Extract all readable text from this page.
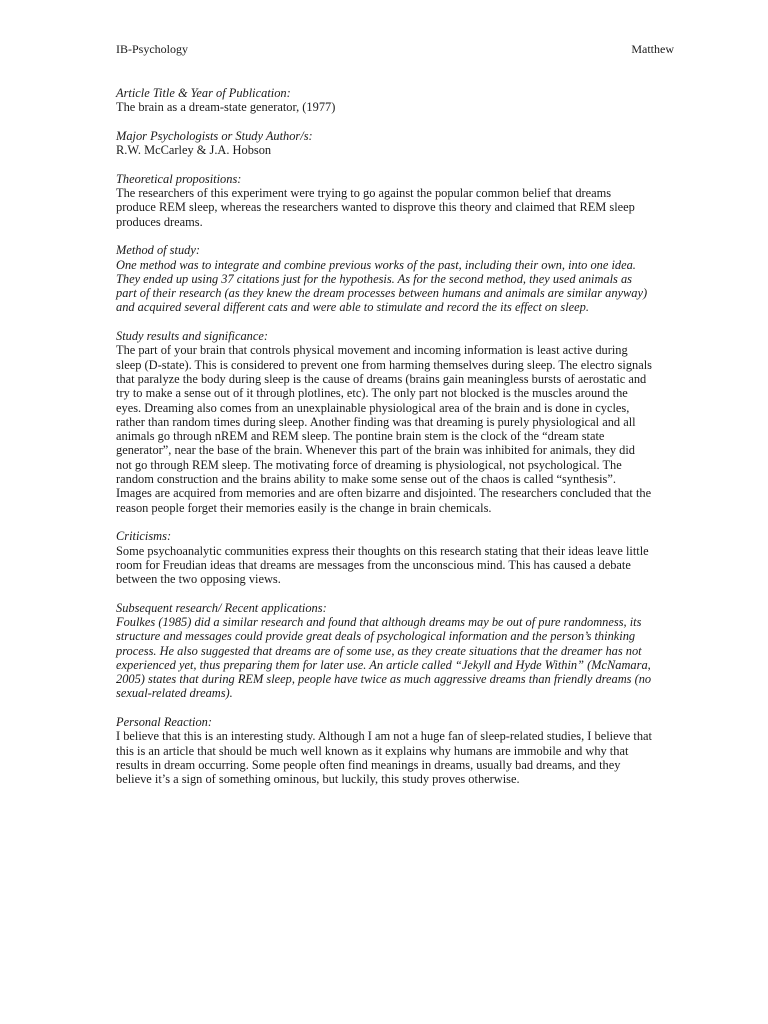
IB-Psychology	Matthew
Article Title & Year of Publication:
The brain as a dream-state generator, (1977)
Major Psychologists or Study Author/s:
R.W. McCarley & J.A. Hobson
Theoretical propositions:
The researchers of this experiment were trying to go against the popular common belief that dreams produce REM sleep, whereas the researchers wanted to disprove this theory and claimed that REM sleep produces dreams.
Method of study:
One method was to integrate and combine previous works of the past, including their own, into one idea. They ended up using 37 citations just for the hypothesis. As for the second method, they used animals as part of their research (as they knew the dream processes between humans and animals are similar anyway) and acquired several different cats and were able to stimulate and record the its effect on sleep.
Study results and significance:
The part of your brain that controls physical movement and incoming information is least active during sleep (D-state). This is considered to prevent one from harming themselves during sleep. The electro signals that paralyze the body during sleep is the cause of dreams (brains gain meaningless bursts of aerostatic and try to make a sense out of it through plotlines, etc). The only part not blocked is the muscles around the eyes. Dreaming also comes from an unexplainable physiological area of the brain and is done in cycles, rather than random times during sleep. Another finding was that dreaming is purely physiological and all animals go through nREM and REM sleep. The pontine brain stem is the clock of the “dream state generator”, near the base of the brain. Whenever this part of the brain was inhibited for animals, they did not go through REM sleep. The motivating force of dreaming is physiological, not psychological. The random construction and the brains ability to make some sense out of the chaos is called “synthesis”. Images are acquired from memories and are often bizarre and disjointed. The researchers concluded that the reason people forget their memories easily is the change in brain chemicals.
Criticisms:
Some psychoanalytic communities express their thoughts on this research stating that their ideas leave little room for Freudian ideas that dreams are messages from the unconscious mind. This has caused a debate between the two opposing views.
Subsequent research/ Recent applications:
Foulkes (1985) did a similar research and found that although dreams may be out of pure randomness, its structure and messages could provide great deals of psychological information and the person’s thinking process. He also suggested that dreams are of some use, as they create situations that the dreamer has not experienced yet, thus preparing them for later use. An article called “Jekyll and Hyde Within” (McNamara, 2005) states that during REM sleep, people have twice as much aggressive dreams than friendly dreams (no sexual-related dreams).
Personal Reaction:
I believe that this is an interesting study. Although I am not a huge fan of sleep-related studies, I believe that this is an article that should be much well known as it explains why humans are immobile and why that results in dream occurring. Some people often find meanings in dreams, usually bad dreams, and they believe it’s a sign of something ominous, but luckily, this study proves otherwise.
